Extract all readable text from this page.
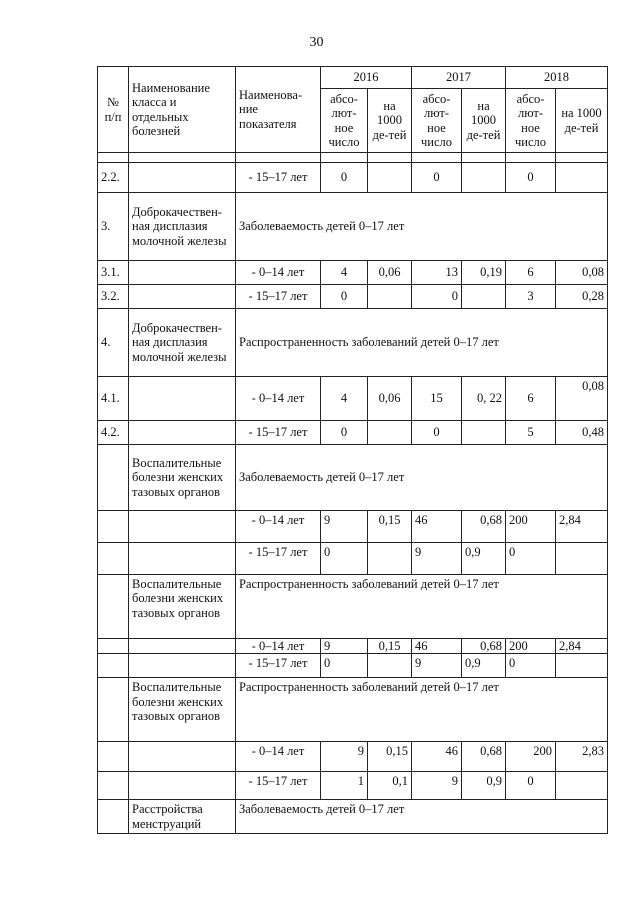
30
№ п/п	Наименование класса и отдельных болезней	Наименова-ние показателя	2016		2017		2018	
			абсо-лют-ное число	на 1000 де-тей	абсо-лют-ное число	на 1000 де-тей	абсо-лют-ное число	на 1000 де-тей

2.2.		- 15–17 лет	0		0		0	
3.	Доброкачествен-ная дисплазия молочной железы	Заболеваемость детей 0–17 лет						
3.1.		- 0–14 лет	4	0,06	13	0,19	6	0,08
3.2.		- 15–17 лет	0		0		3	0,28
4.	Доброкачествен-ная дисплазия молочной железы	Распространенность заболеваний детей 0–17 лет						
4.1.		- 0–14 лет	4	0,06	15	0, 22	6	0,08
4.2.		- 15–17 лет	0		0		5	0,48
	Воспалительные болезни женских тазовых органов	Заболеваемость детей 0–17 лет						
		- 0–14 лет	9	0,15	46	0,68	200	2,84
		- 15–17 лет	0		9	0,9	0	
	Воспалительные болезни женских тазовых органов	Распространенность заболеваний детей 0–17 лет						
		- 0–14 лет	9	0,15	46	0,68	200	2,84
		- 15–17 лет	0		9	0,9	0	
	Воспалительные болезни женских тазовых органов	Распространенность заболеваний детей 0–17 лет						
		- 0–14 лет	9	0,15	46	0,68	200	2,83
		- 15–17 лет	1	0,1	9	0,9	0	
	Расстройства менструаций	Заболеваемость детей 0–17 лет						
